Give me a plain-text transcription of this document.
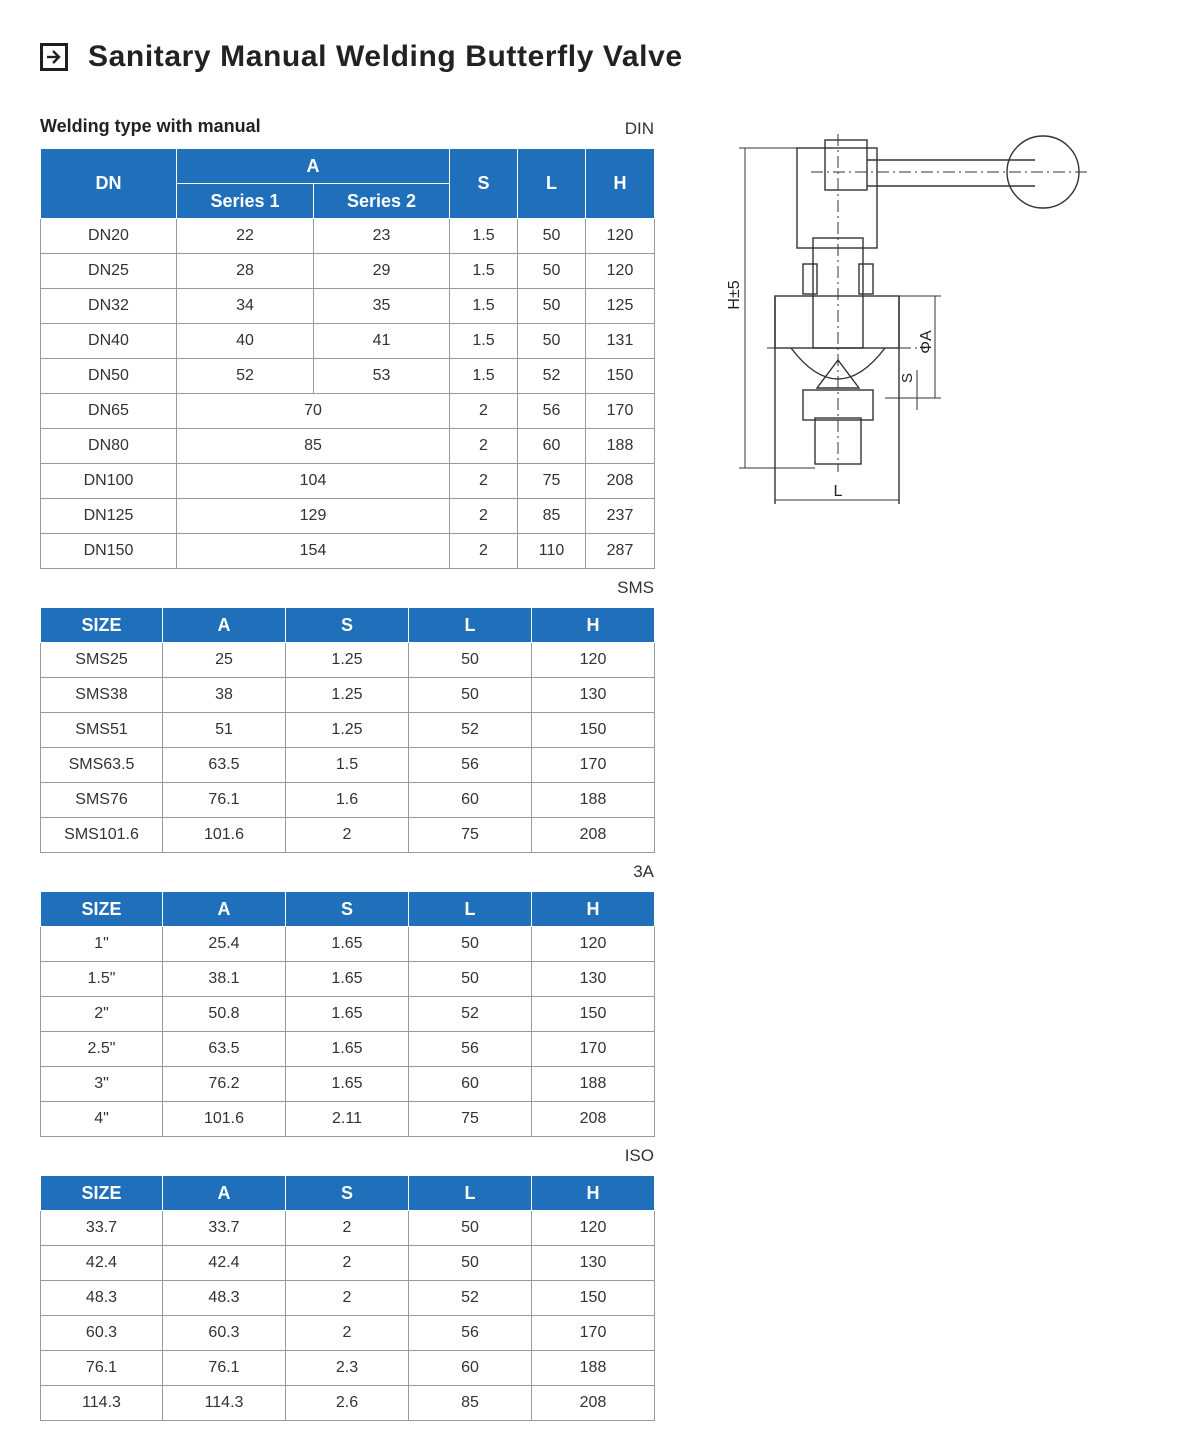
Sanitary Manual Welding Butterfly Valve
Welding type with manual	DIN
DN	A		S	L	H
	Series 1	Series 2			
DN20	22	23	1.5	50	120
DN25	28	29	1.5	50	120
DN32	34	35	1.5	50	125
DN40	40	41	1.5	50	131
DN50	52	53	1.5	52	150
DN65	70		2	56	170
DN80	85		2	60	188
DN100	104		2	75	208
DN125	129		2	85	237
DN150	154		2	110	287
SMS
SIZE	A	S	L	H
SMS25	25	1.25	50	120
SMS38	38	1.25	50	130
SMS51	51	1.25	52	150
SMS63.5	63.5	1.5	56	170
SMS76	76.1	1.6	60	188
SMS101.6	101.6	2	75	208
3A
SIZE	A	S	L	H
1"	25.4	1.65	50	120
1.5"	38.1	1.65	50	130
2"	50.8	1.65	52	150
2.5"	63.5	1.65	56	170
3"	76.2	1.65	60	188
4"	101.6	2.11	75	208
ISO
SIZE	A	S	L	H
33.7	33.7	2	50	120
42.4	42.4	2	50	130
48.3	48.3	2	52	150
60.3	60.3	2	56	170
76.1	76.1	2.3	60	188
114.3	114.3	2.6	85	208
H±5
ΦA
S
L
